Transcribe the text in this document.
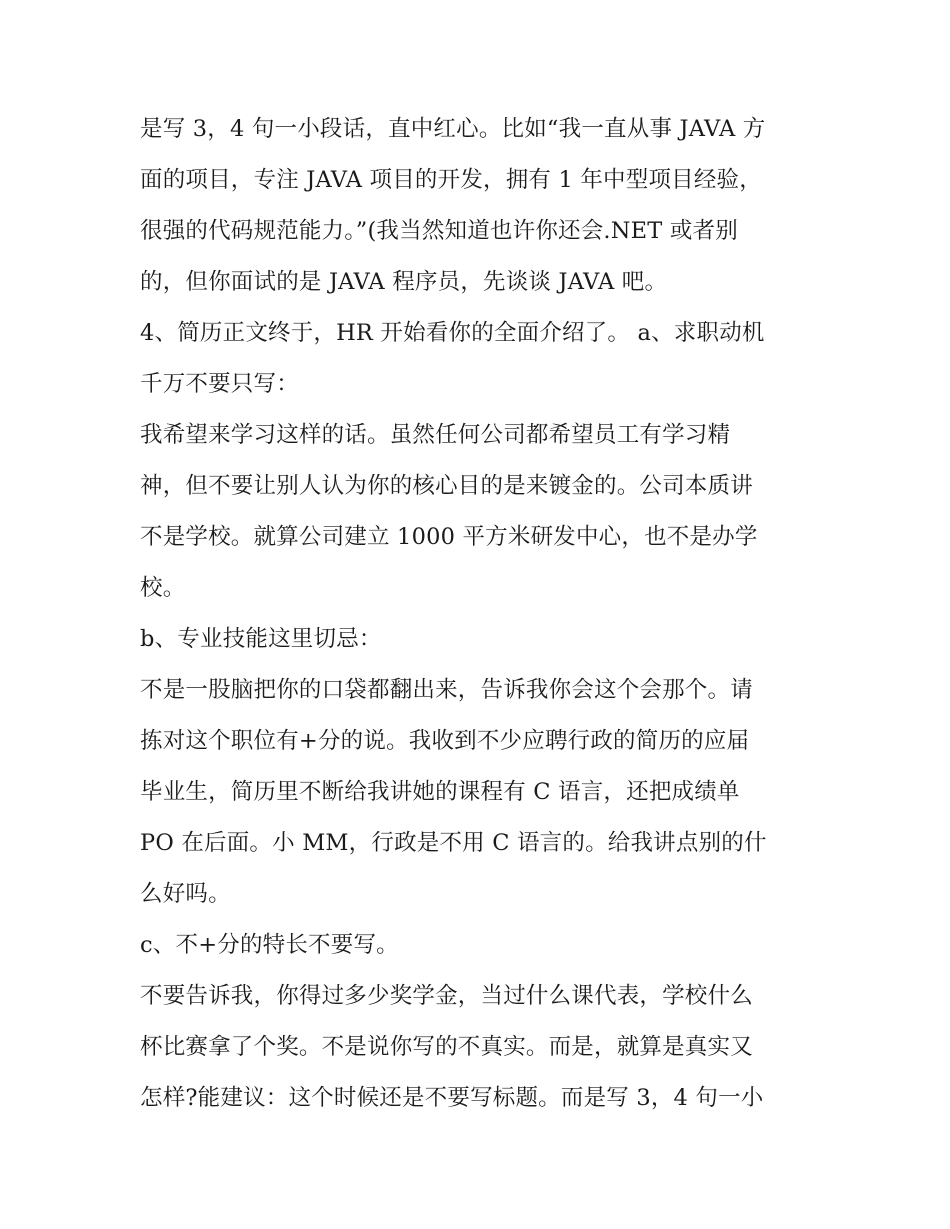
是写 3，4 句一小段话，直中红心。比如“我一直从事 JAVA 方
面的项目，专注 JAVA 项目的开发，拥有 1 年中型项目经验，
很强的代码规范能力。”(我当然知道也许你还会.NET 或者别
的，但你面试的是 JAVA 程序员，先谈谈 JAVA 吧。
4、简历正文终于，HR 开始看你的全面介绍了。 a、求职动机
千万不要只写：
我希望来学习这样的话。虽然任何公司都希望员工有学习精
神，但不要让别人认为你的核心目的是来镀金的。公司本质讲
不是学校。就算公司建立 1000 平方米研发中心，也不是办学
校。
b、专业技能这里切忌：
不是一股脑把你的口袋都翻出来，告诉我你会这个会那个。请
拣对这个职位有+分的说。我收到不少应聘行政的简历的应届
毕业生，简历里不断给我讲她的课程有 C 语言，还把成绩单
PO 在后面。小 MM，行政是不用 C 语言的。给我讲点别的什
么好吗。
c、不+分的特长不要写。
不要告诉我，你得过多少奖学金，当过什么课代表，学校什么
杯比赛拿了个奖。不是说你写的不真实。而是，就算是真实又
怎样?能建议：这个时候还是不要写标题。而是写 3，4 句一小
